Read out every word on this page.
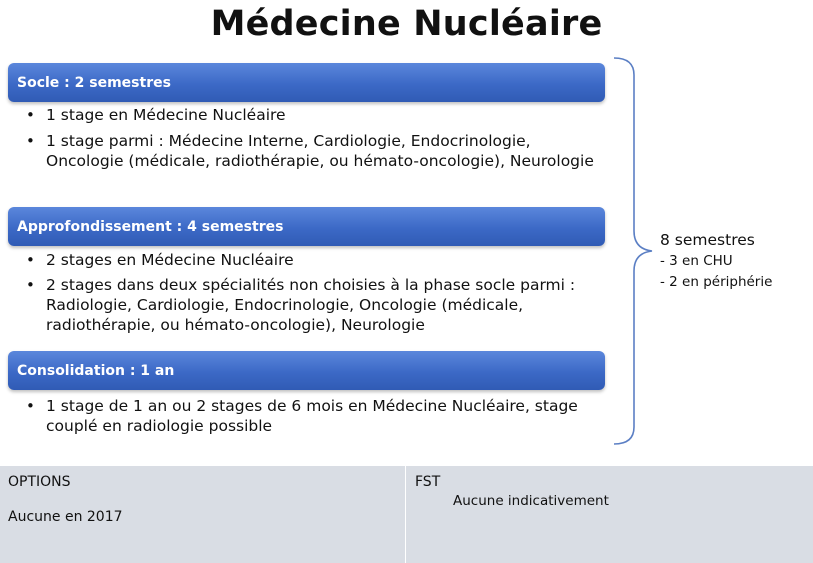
Médecine Nucléaire
Socle : 2 semestres
• 1 stage en Médecine Nucléaire
• 1 stage parmi : Médecine Interne, Cardiologie, Endocrinologie, Oncologie (médicale, radiothérapie, ou hémato-oncologie), Neurologie
Approfondissement : 4 semestres
• 2 stages en Médecine Nucléaire
• 2 stages dans deux spécialités non choisies à la phase socle parmi : Radiologie, Cardiologie, Endocrinologie, Oncologie (médicale, radiothérapie, ou hémato-oncologie), Neurologie
Consolidation : 1 an
• 1 stage de 1 an ou 2 stages de 6 mois en Médecine Nucléaire, stage couplé en radiologie possible
8 semestres
- 3 en CHU
- 2 en périphérie
OPTIONS
Aucune en 2017
FST
Aucune indicativement
